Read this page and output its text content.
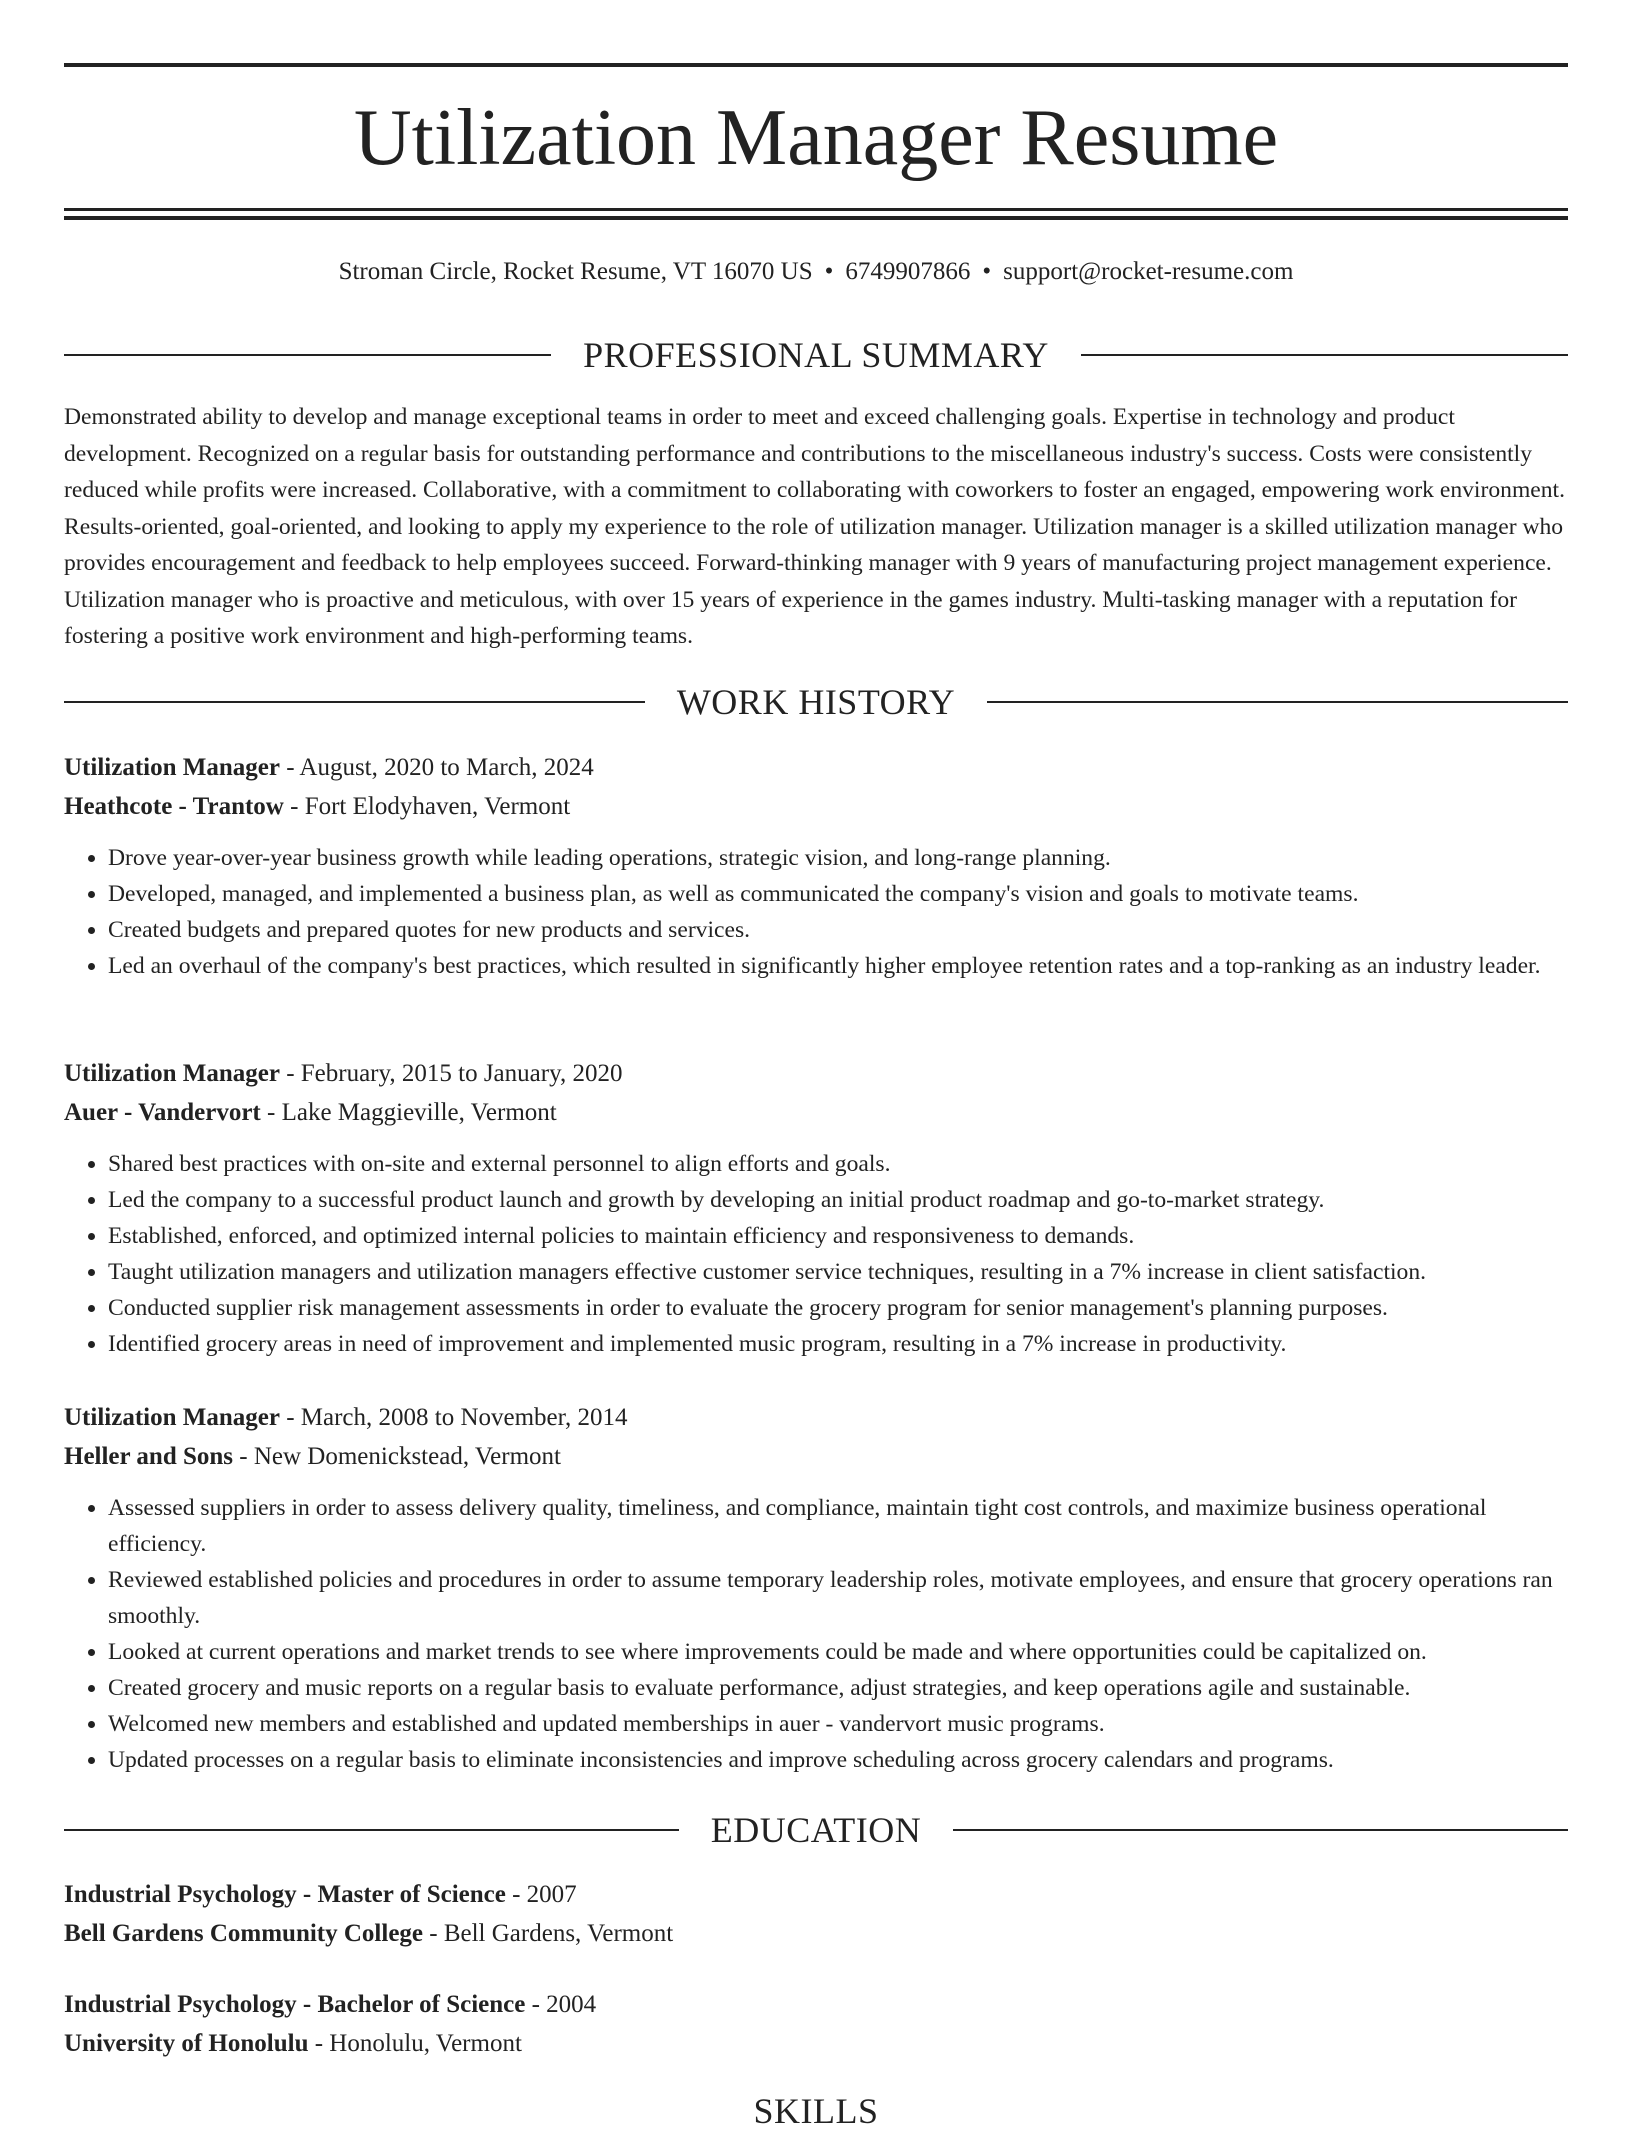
Utilization Manager Resume
Stroman Circle, Rocket Resume, VT 16070 US • 6749907866 • support@rocket-resume.com
PROFESSIONAL SUMMARY

Demonstrated ability to develop and manage exceptional teams in order to meet and exceed challenging goals. Expertise in technology and product development. Recognized on a regular basis for outstanding performance and contributions to the miscellaneous industry's success. Costs were consistently reduced while profits were increased. Collaborative, with a commitment to collaborating with coworkers to foster an engaged, empowering work environment. Results-oriented, goal-oriented, and looking to apply my experience to the role of utilization manager. Utilization manager is a skilled utilization manager who provides encouragement and feedback to help employees succeed. Forward-thinking manager with 9 years of manufacturing project management experience. Utilization manager who is proactive and meticulous, with over 15 years of experience in the games industry. Multi-tasking manager with a reputation for fostering a positive work environment and high-performing teams.

WORK HISTORY
Utilization Manager - August, 2020 to March, 2024
Heathcote - Trantow - Fort Elodyhaven, Vermont
• Drove year-over-year business growth while leading operations, strategic vision, and long-range planning.
• Developed, managed, and implemented a business plan, as well as communicated the company's vision and goals to motivate teams.
• Created budgets and prepared quotes for new products and services.
• Led an overhaul of the company's best practices, which resulted in significantly higher employee retention rates and a top-ranking as an industry leader.
Utilization Manager - February, 2015 to January, 2020
Auer - Vandervort - Lake Maggieville, Vermont
• Shared best practices with on-site and external personnel to align efforts and goals.
• Led the company to a successful product launch and growth by developing an initial product roadmap and go-to-market strategy.
• Established, enforced, and optimized internal policies to maintain efficiency and responsiveness to demands.
• Taught utilization managers and utilization managers effective customer service techniques, resulting in a 7% increase in client satisfaction.
• Conducted supplier risk management assessments in order to evaluate the grocery program for senior management's planning purposes.
• Identified grocery areas in need of improvement and implemented music program, resulting in a 7% increase in productivity.
Utilization Manager - March, 2008 to November, 2014
Heller and Sons - New Domenickstead, Vermont
• Assessed suppliers in order to assess delivery quality, timeliness, and compliance, maintain tight cost controls, and maximize business operational efficiency.
• Reviewed established policies and procedures in order to assume temporary leadership roles, motivate employees, and ensure that grocery operations ran smoothly.
• Looked at current operations and market trends to see where improvements could be made and where opportunities could be capitalized on.
• Created grocery and music reports on a regular basis to evaluate performance, adjust strategies, and keep operations agile and sustainable.
• Welcomed new members and established and updated memberships in auer - vandervort music programs.
• Updated processes on a regular basis to eliminate inconsistencies and improve scheduling across grocery calendars and programs.
EDUCATION
Industrial Psychology - Master of Science - 2007
Bell Gardens Community College - Bell Gardens, Vermont
Industrial Psychology - Bachelor of Science - 2004
University of Honolulu - Honolulu, Vermont
SKILLS
